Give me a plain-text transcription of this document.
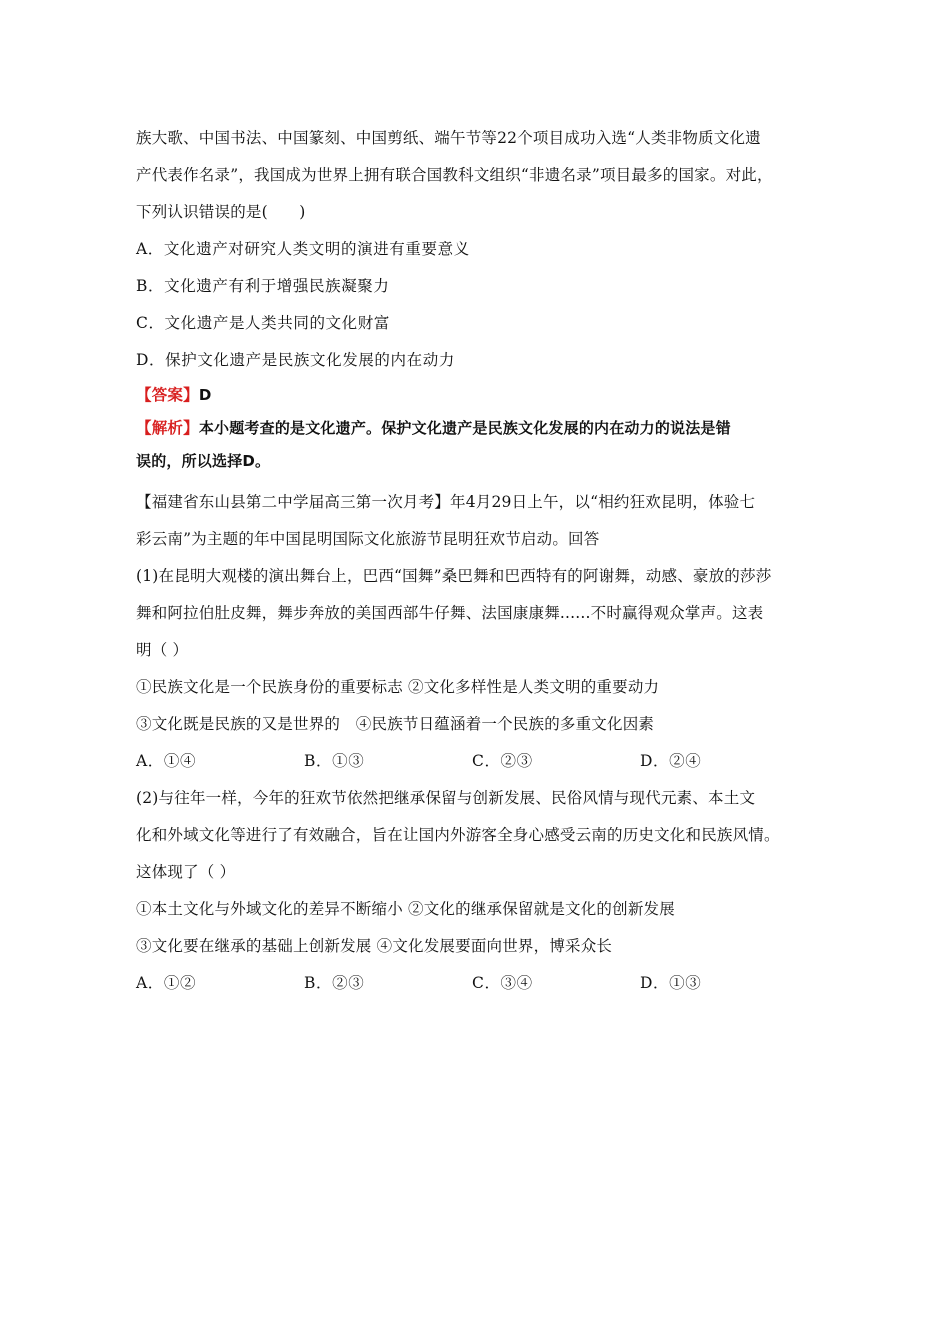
族大歌、中国书法、中国篆刻、中国剪纸、端午节等22个项目成功入选“人类非物质文化遗
产代表作名录”，我国成为世界上拥有联合国教科文组织“非遗名录”项目最多的国家。对此，
下列认识错误的是(　　)
A．文化遗产对研究人类文明的演进有重要意义
B．文化遗产有利于增强民族凝聚力
C．文化遗产是人类共同的文化财富
D．保护文化遗产是民族文化发展的内在动力
【答案】D
【解析】本小题考查的是文化遗产。保护文化遗产是民族文化发展的内在动力的说法是错
误的，所以选择D。
【福建省东山县第二中学届高三第一次月考】年4月29日上午，以“相约狂欢昆明，体验七
彩云南”为主题的年中国昆明国际文化旅游节昆明狂欢节启动。回答
(1)在昆明大观楼的演出舞台上，巴西“国舞”桑巴舞和巴西特有的阿谢舞，动感、豪放的莎莎
舞和阿拉伯肚皮舞，舞步奔放的美国西部牛仔舞、法国康康舞......不时赢得观众掌声。这表
明（ ）
①民族文化是一个民族身份的重要标志 ②文化多样性是人类文明的重要动力
③文化既是民族的又是世界的　④民族节日蕴涵着一个民族的多重文化因素
A．①④	B．①③	C．②③	D．②④
(2)与往年一样，今年的狂欢节依然把继承保留与创新发展、民俗风情与现代元素、本土文
化和外域文化等进行了有效融合，旨在让国内外游客全身心感受云南的历史文化和民族风情。
这体现了（ ）
①本土文化与外域文化的差异不断缩小 ②文化的继承保留就是文化的创新发展
③文化要在继承的基础上创新发展 ④文化发展要面向世界，博采众长
A．①②	B．②③	C．③④	D．①③
